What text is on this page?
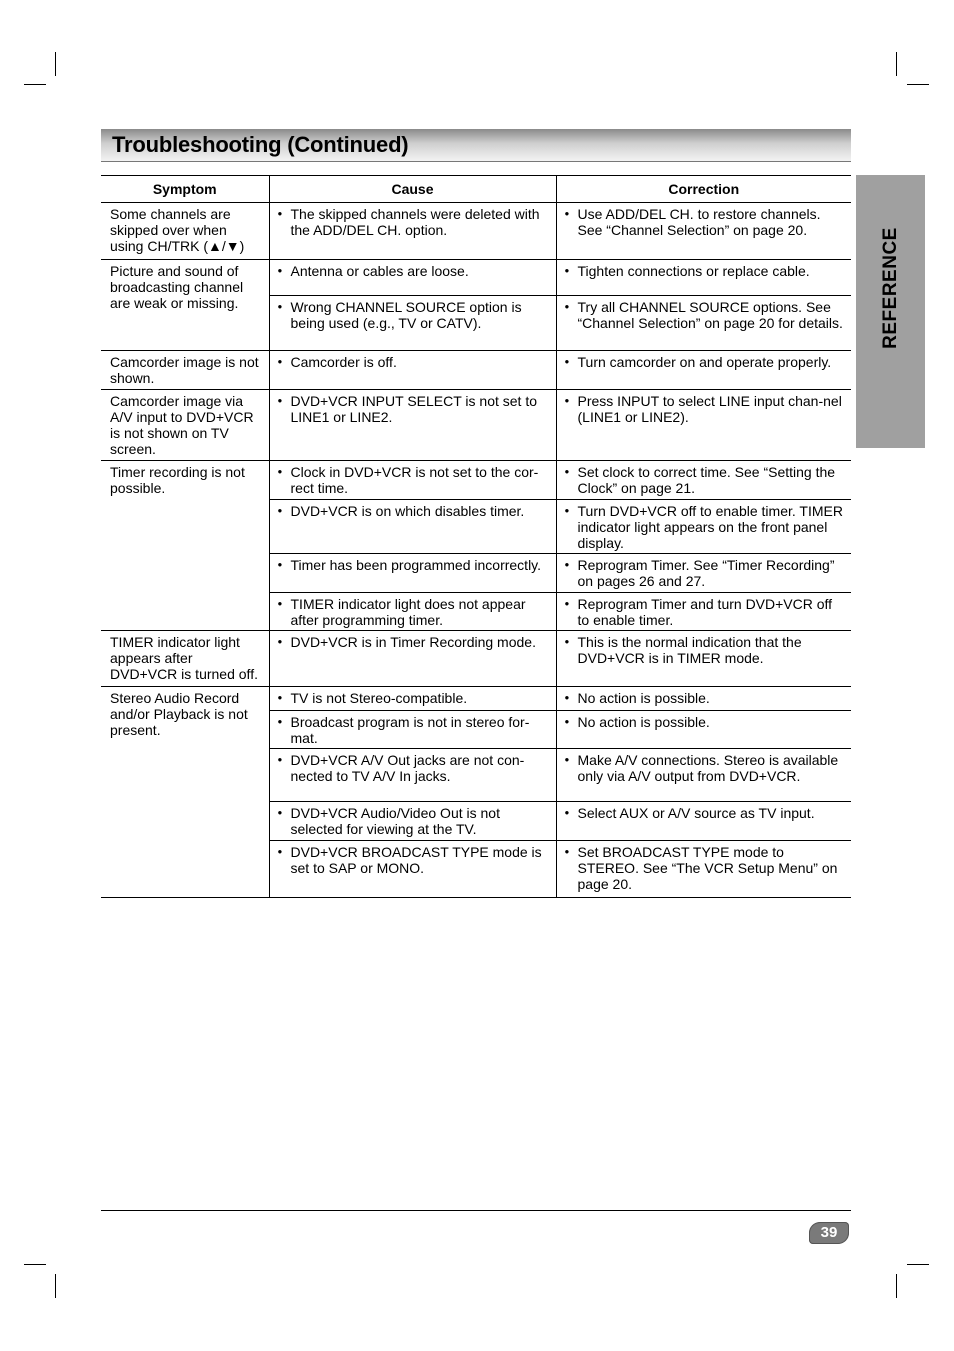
Troubleshooting (Continued)
REFERENCE
Symptom	Cause	Correction
Some channels are skipped over when using CH/TRK (▲/▼)	● The skipped channels were deleted with the ADD/DEL CH. option.	● Use ADD/DEL CH. to restore channels. See “Channel Selection” on page 20.
Picture and sound of broadcasting channel are weak or missing.	● Antenna or cables are loose.	● Tighten connections or replace cable.
	● Wrong CHANNEL SOURCE option is being used (e.g., TV or CATV).	● Try all CHANNEL SOURCE options. See “Channel Selection” on page 20 for details.
Camcorder image is not shown.	● Camcorder is off.	● Turn camcorder on and operate properly.
Camcorder image via A/V input to DVD+VCR is not shown on TV screen.	● DVD+VCR INPUT SELECT is not set to LINE1 or LINE2.	● Press INPUT to select LINE input chan-nel (LINE1 or LINE2).
Timer recording is not possible.	● Clock in DVD+VCR is not set to the cor-rect time.	● Set clock to correct time. See “Setting the Clock” on page 21.
	● DVD+VCR is on which disables timer.	● Turn DVD+VCR off to enable timer. TIMER indicator light appears on the front panel display.
	● Timer has been programmed incorrectly.	● Reprogram Timer. See “Timer Recording” on pages 26 and 27.
	● TIMER indicator light does not appear after programming timer.	● Reprogram Timer and turn DVD+VCR off to enable timer.
TIMER indicator light appears after DVD+VCR is turned off.	● DVD+VCR is in Timer Recording mode.	● This is the normal indication that the DVD+VCR is in TIMER mode.
Stereo Audio Record and/or Playback is not present.	● TV is not Stereo-compatible.	● No action is possible.
	● Broadcast program is not in stereo for-mat.	● No action is possible.
	● DVD+VCR A/V Out jacks are not con-nected to TV A/V In jacks.	● Make A/V connections. Stereo is available only via A/V output from DVD+VCR.
	● DVD+VCR Audio/Video Out is not selected for viewing at the TV.	● Select AUX or A/V source as TV input.
	● DVD+VCR BROADCAST TYPE mode is set to SAP or MONO.	● Set BROADCAST TYPE mode to STEREO. See “The VCR Setup Menu” on page 20.
39
